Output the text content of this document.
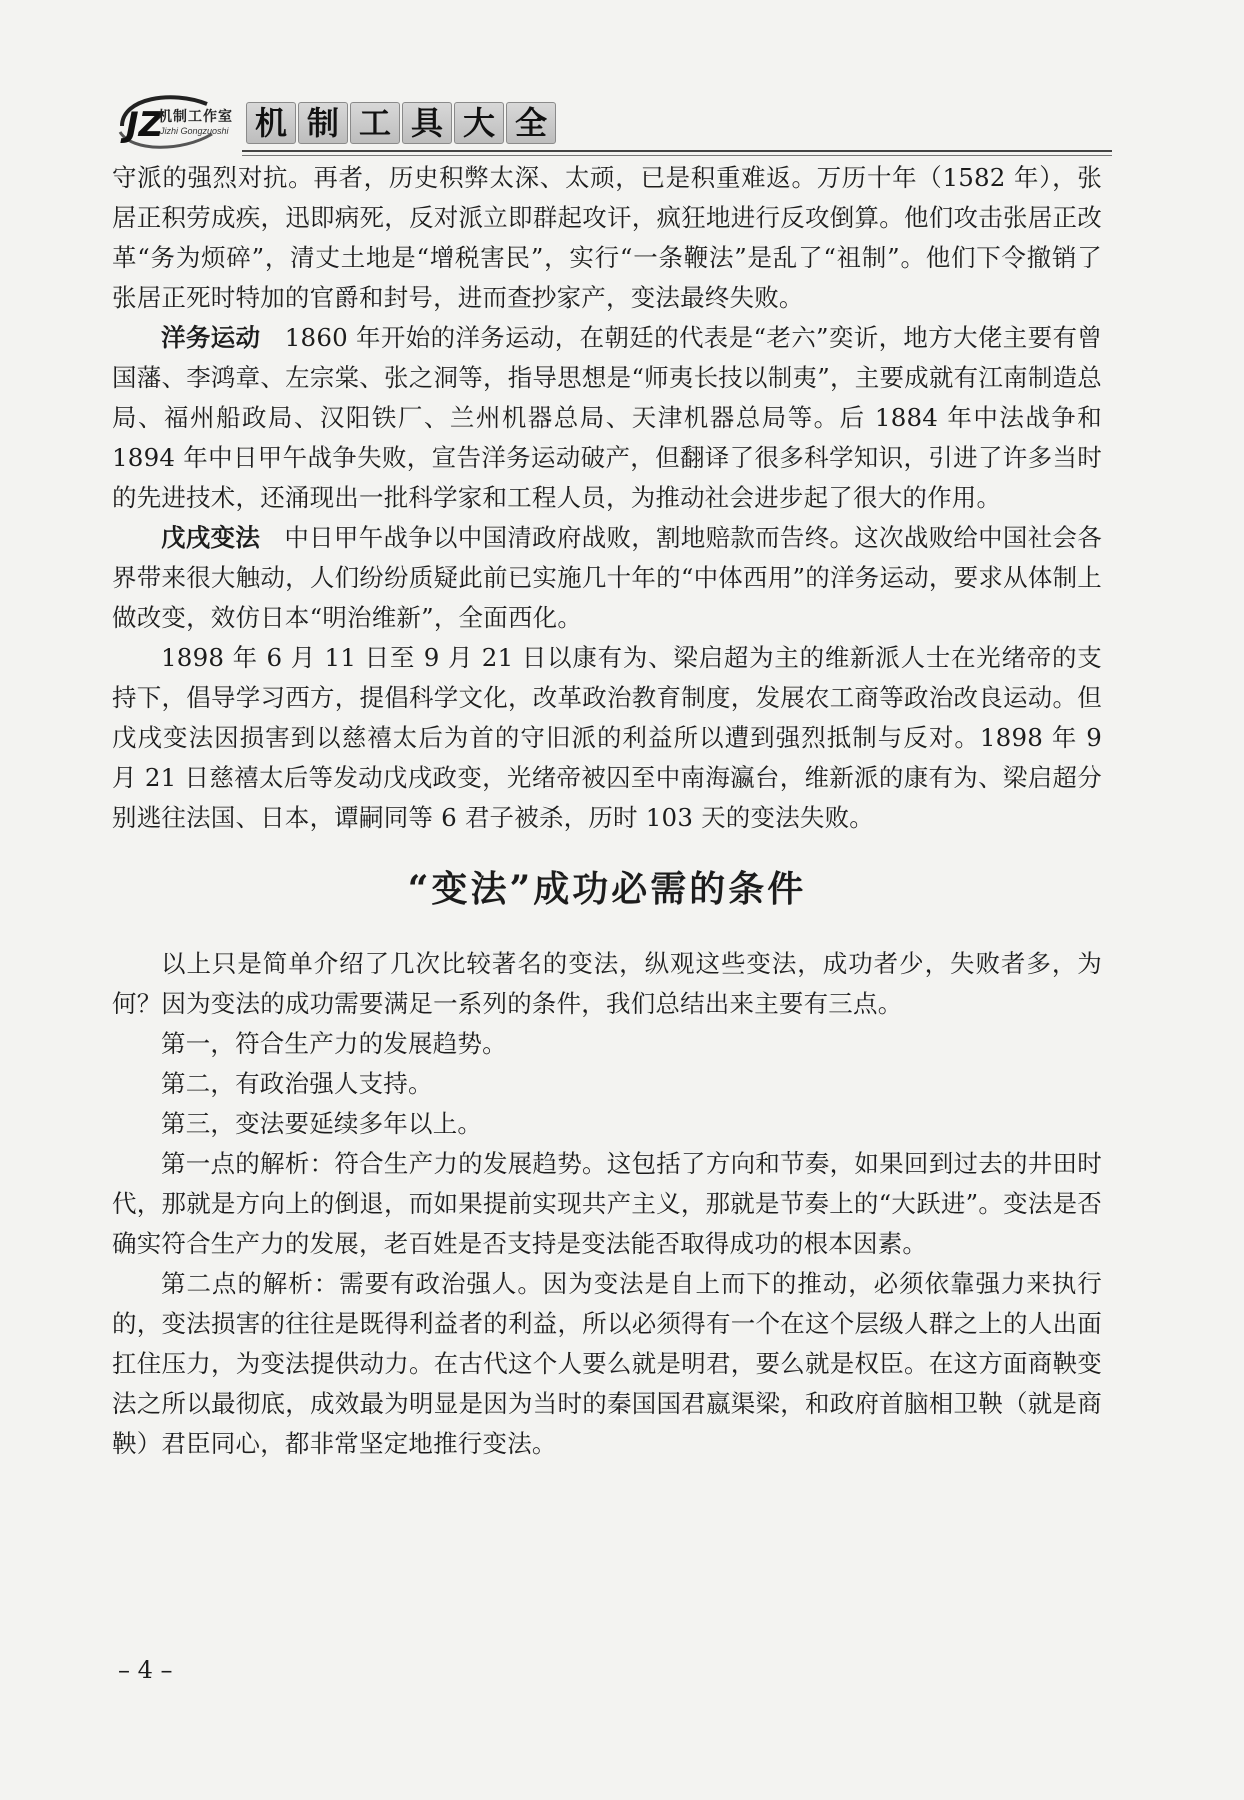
JZ
机制工作室
Jizhi Gongzuoshi 机 制 工 具 大 全

守派的强烈对抗。再者，历史积弊太深、太顽，已是积重难返。万历十年（1582 年），张居正积劳成疾，迅即病死，反对派立即群起攻讦，疯狂地进行反攻倒算。他们攻击张居正改革“务为烦碎”，清丈土地是“增税害民”，实行“一条鞭法”是乱了“祖制”。他们下令撤销了张居正死时特加的官爵和封号，进而查抄家产，变法最终失败。

洋务运动 1860 年开始的洋务运动，在朝廷的代表是“老六”奕䜣，地方大佬主要有曾国藩、李鸿章、左宗棠、张之洞等，指导思想是“师夷长技以制夷”，主要成就有江南制造总局、福州船政局、汉阳铁厂、兰州机器总局、天津机器总局等。后 1884 年中法战争和 1894 年中日甲午战争失败，宣告洋务运动破产，但翻译了很多科学知识，引进了许多当时的先进技术，还涌现出一批科学家和工程人员，为推动社会进步起了很大的作用。

戊戌变法 中日甲午战争以中国清政府战败，割地赔款而告终。这次战败给中国社会各界带来很大触动，人们纷纷质疑此前已实施几十年的“中体西用”的洋务运动，要求从体制上做改变，效仿日本“明治维新”，全面西化。

1898 年 6 月 11 日至 9 月 21 日以康有为、梁启超为主的维新派人士在光绪帝的支持下，倡导学习西方，提倡科学文化，改革政治教育制度，发展农工商等政治改良运动。但戊戌变法因损害到以慈禧太后为首的守旧派的利益所以遭到强烈抵制与反对。1898 年 9 月 21 日慈禧太后等发动戊戌政变，光绪帝被囚至中南海瀛台，维新派的康有为、梁启超分别逃往法国、日本，谭嗣同等 6 君子被杀，历时 103 天的变法失败。

“变法”成功必需的条件

以上只是简单介绍了几次比较著名的变法，纵观这些变法，成功者少，失败者多，为何？因为变法的成功需要满足一系列的条件，我们总结出来主要有三点。

第一，符合生产力的发展趋势。

第二，有政治强人支持。

第三，变法要延续多年以上。

第一点的解析：符合生产力的发展趋势。这包括了方向和节奏，如果回到过去的井田时代，那就是方向上的倒退，而如果提前实现共产主义，那就是节奏上的“大跃进”。变法是否确实符合生产力的发展，老百姓是否支持是变法能否取得成功的根本因素。

第二点的解析：需要有政治强人。因为变法是自上而下的推动，必须依靠强力来执行的，变法损害的往往是既得利益者的利益，所以必须得有一个在这个层级人群之上的人出面扛住压力，为变法提供动力。在古代这个人要么就是明君，要么就是权臣。在这方面商鞅变法之所以最彻底，成效最为明显是因为当时的秦国国君嬴渠梁，和政府首脑相卫鞅（就是商鞅）君臣同心，都非常坚定地推行变法。

– 4 –
